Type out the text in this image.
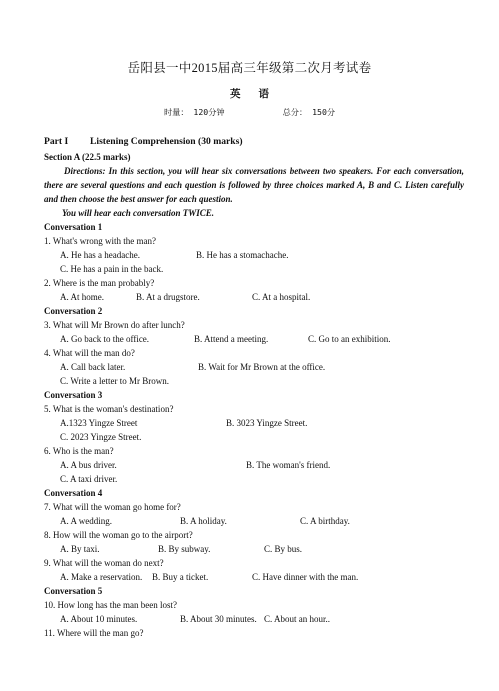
岳阳县一中2015届高三年级第二次月考试卷
英语
时量： 120分钟	总分： 150分
Part I Listening Comprehension (30 marks)
Section A (22.5 marks)
Directions: In this section, you will hear six conversations between two speakers. For each conversation, there are several questions and each question is followed by three choices marked A, B and C. Listen carefully and then choose the best answer for each question.
You will hear each conversation TWICE.
Conversation 1
1. What's wrong with the man?
A. He has a headache.	B. He has a stomachache.
C. He has a pain in the back.
2. Where is the man probably?
A. At home.	B. At a drugstore.	C. At a hospital.
Conversation 2
3. What will Mr Brown do after lunch?
A. Go back to the office.	B. Attend a meeting.	C. Go to an exhibition.
4. What will the man do?
A. Call back later.	B. Wait for Mr Brown at the office.
C. Write a letter to Mr Brown.
Conversation 3
5. What is the woman's destination?
A.1323 Yingze Street	B. 3023 Yingze Street.
C. 2023 Yingze Street.
6. Who is the man?
A. A bus driver.	B. The woman's friend.
C. A taxi driver.
Conversation 4
7. What will the woman go home for?
A. A wedding.	B. A holiday.	C. A birthday.
8. How will the woman go to the airport?
A. By taxi.	B. By subway.	C. By bus.
9. What will the woman do next?
A. Make a reservation. B. Buy a ticket.	C. Have dinner with the man.
Conversation 5
10. How long has the man been lost?
A. About 10 minutes.	B. About 30 minutes. C. About an hour..
11. Where will the man go?
